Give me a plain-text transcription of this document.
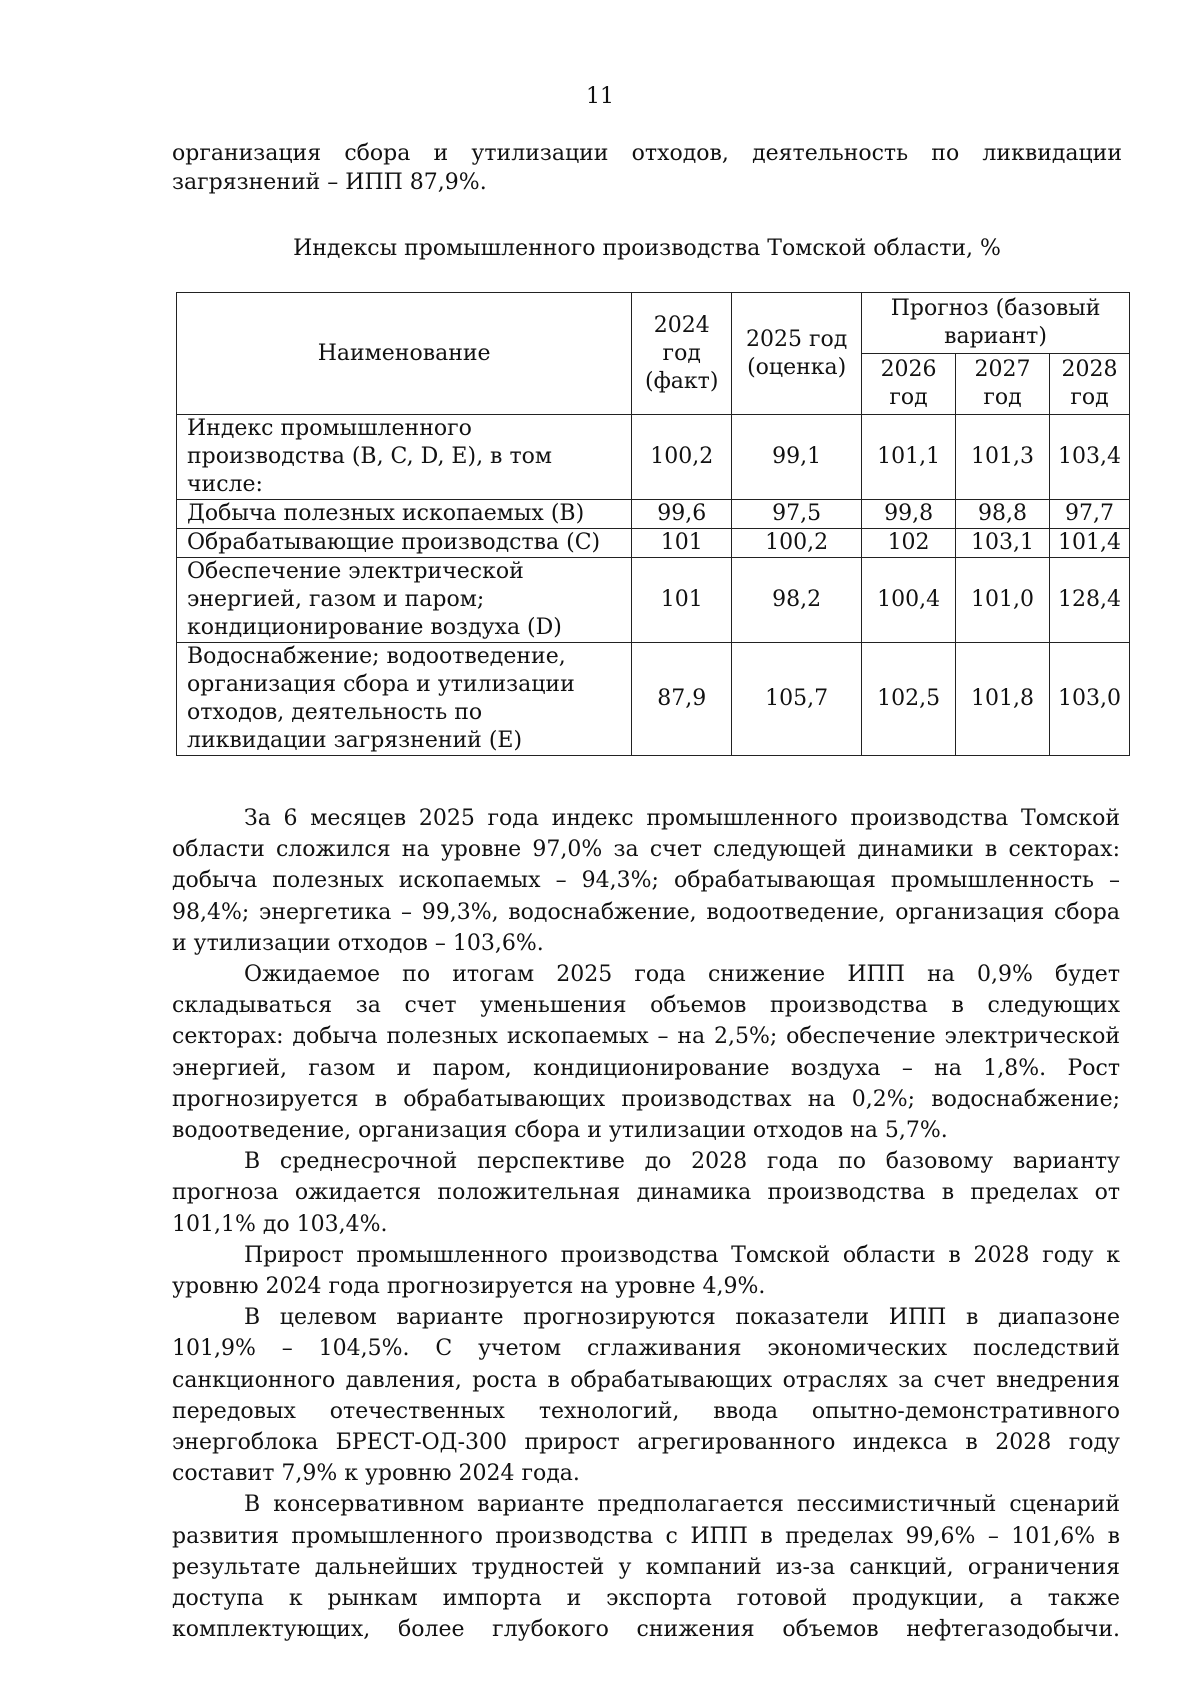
11

организация сбора и утилизации отходов, деятельность по ликвидации загрязнений – ИПП 87,9%.

Индексы промышленного производства Томской области, %
Наименование	2024 год (факт)	2025 год (оценка)	Прогноз (базовый вариант)		
			2026 год	2027 год	2028 год
Индекс промышленного производства (B, C, D, E), в том числе:	100,2	99,1	101,1	101,3	103,4
Добыча полезных ископаемых (B)	99,6	97,5	99,8	98,8	97,7
Обрабатывающие производства (C)	101	100,2	102	103,1	101,4
Обеспечение электрической энергией, газом и паром; кондиционирование воздуха (D)	101	98,2	100,4	101,0	128,4
Водоснабжение; водоотведение, организация сбора и утилизации отходов, деятельность по ликвидации загрязнений (E)	87,9	105,7	102,5	101,8	103,0

За 6 месяцев 2025 года индекс промышленного производства Томской области сложился на уровне 97,0% за счет следующей динамики в секторах: добыча полезных ископаемых – 94,3%; обрабатывающая промышленность – 98,4%; энергетика – 99,3%, водоснабжение, водоотведение, организация сбора и утилизации отходов – 103,6%.

Ожидаемое по итогам 2025 года снижение ИПП на 0,9% будет складываться за счет уменьшения объемов производства в следующих секторах: добыча полезных ископаемых – на 2,5%; обеспечение электрической энергией, газом и паром, кондиционирование воздуха – на 1,8%. Рост прогнозируется в обрабатывающих производствах на 0,2%; водоснабжение; водоотведение, организация сбора и утилизации отходов на 5,7%.

В среднесрочной перспективе до 2028 года по базовому варианту прогноза ожидается положительная динамика производства в пределах от 101,1% до 103,4%.

Прирост промышленного производства Томской области в 2028 году к уровню 2024 года прогнозируется на уровне 4,9%.

В целевом варианте прогнозируются показатели ИПП в диапазоне 101,9% – 104,5%. С учетом сглаживания экономических последствий санкционного давления, роста в обрабатывающих отраслях за счет внедрения передовых отечественных технологий, ввода опытно-демонстративного энергоблока БРЕСТ-ОД-300 прирост агрегированного индекса в 2028 году составит 7,9% к уровню 2024 года.

В консервативном варианте предполагается пессимистичный сценарий развития промышленного производства с ИПП в пределах 99,6% – 101,6% в результате дальнейших трудностей у компаний из-за санкций, ограничения доступа к рынкам импорта и экспорта готовой продукции, а также комплектующих, более глубокого снижения объемов нефтегазодобычи.
